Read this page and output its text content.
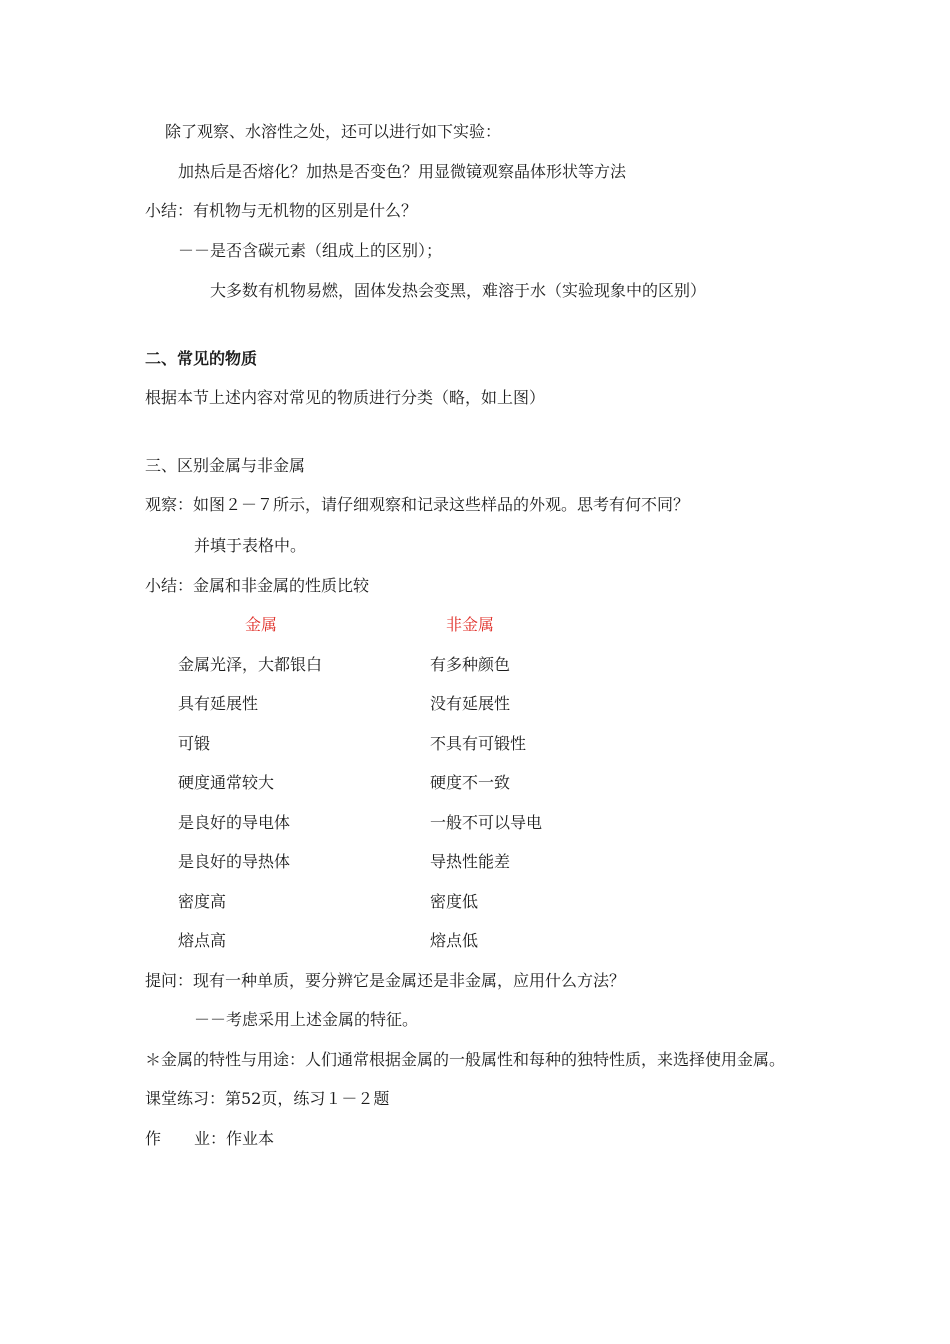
除了观察、水溶性之处，还可以进行如下实验：
加热后是否熔化？加热是否变色？用显微镜观察晶体形状等方法
小结：有机物与无机物的区别是什么？
－－是否含碳元素（组成上的区别）；
大多数有机物易燃，固体发热会变黑，难溶于水（实验现象中的区别）
二、常见的物质
根据本节上述内容对常见的物质进行分类（略，如上图）
三、区别金属与非金属
观察：如图２－７所示，请仔细观察和记录这些样品的外观。思考有何不同？
并填于表格中。
小结：金属和非金属的性质比较
金属	非金属
金属光泽，大都银白	有多种颜色
具有延展性	没有延展性
可锻	不具有可锻性
硬度通常较大	硬度不一致
是良好的导电体	一般不可以导电
是良好的导热体	导热性能差
密度高	密度低
熔点高	熔点低
提问：现有一种单质，要分辨它是金属还是非金属，应用什么方法？
－－考虑采用上述金属的特征。
＊金属的特性与用途：人们通常根据金属的一般属性和每种的独特性质，来选择使用金属。
课堂练习：第52页，练习１－２题
作 业：作业本
